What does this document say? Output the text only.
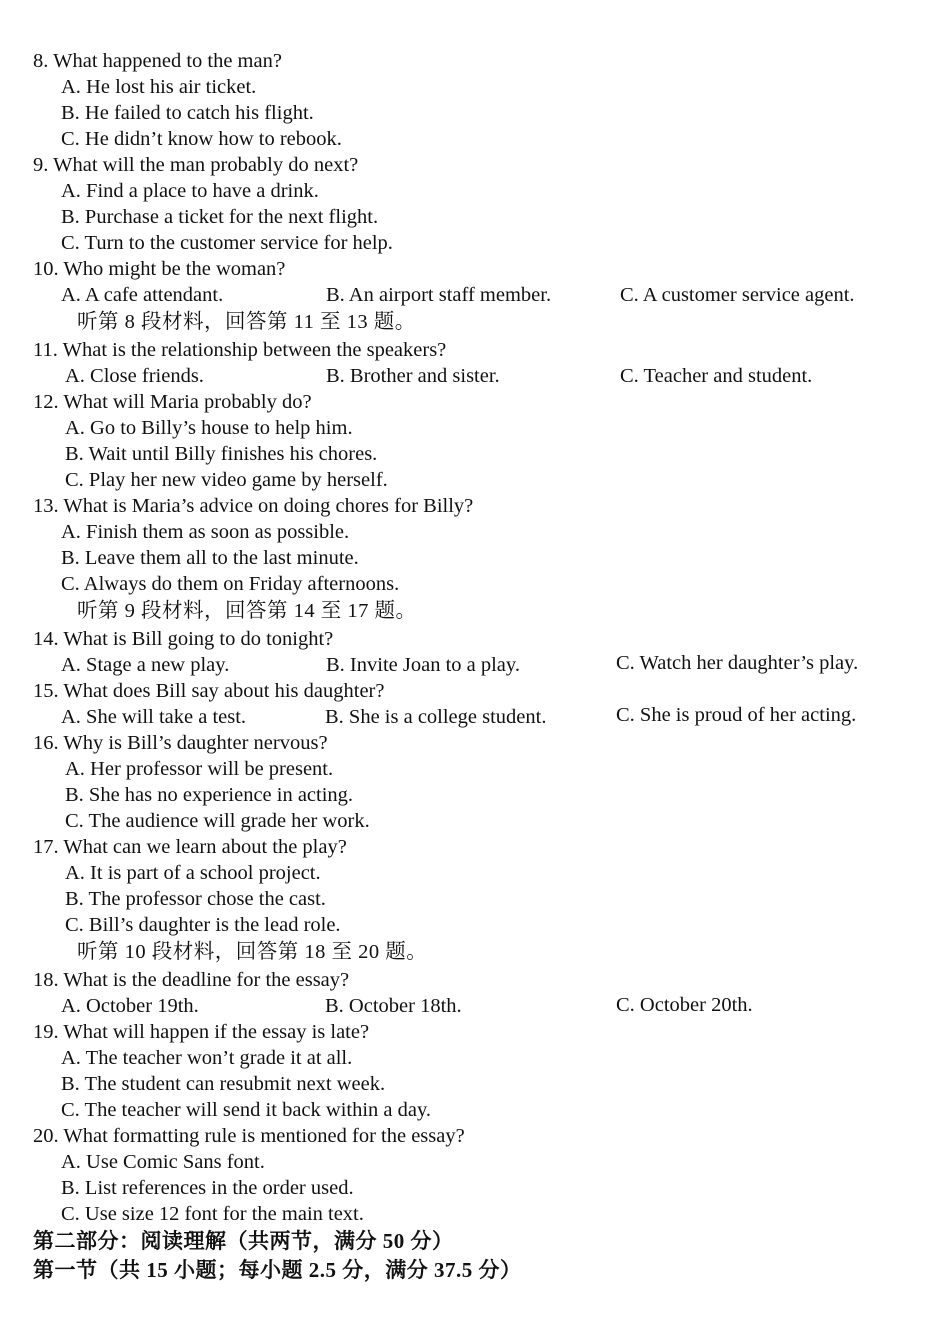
8. What happened to the man?
A. He lost his air ticket.
B. He failed to catch his flight.
C. He didn’t know how to rebook.
9. What will the man probably do next?
A. Find a place to have a drink.
B. Purchase a ticket for the next flight.
C. Turn to the customer service for help.
10. Who might be the woman?
A. A cafe attendant.	B. An airport staff member.	C. A customer service agent.
听第 8 段材料，回答第 11 至 13 题。
11. What is the relationship between the speakers?
A. Close friends.	B. Brother and sister.	C. Teacher and student.
12. What will Maria probably do?
A. Go to Billy’s house to help him.
B. Wait until Billy finishes his chores.
C. Play her new video game by herself.
13. What is Maria’s advice on doing chores for Billy?
A. Finish them as soon as possible.
B. Leave them all to the last minute.
C. Always do them on Friday afternoons.
听第 9 段材料，回答第 14 至 17 题。
14. What is Bill going to do tonight?
A. Stage a new play.	B. Invite Joan to a play.	C. Watch her daughter’s play.
15. What does Bill say about his daughter?
A. She will take a test.	B. She is a college student.	C. She is proud of her acting.
16. Why is Bill’s daughter nervous?
A. Her professor will be present.
B. She has no experience in acting.
C. The audience will grade her work.
17. What can we learn about the play?
A. It is part of a school project.
B. The professor chose the cast.
C. Bill’s daughter is the lead role.
听第 10 段材料，回答第 18 至 20 题。
18. What is the deadline for the essay?
A. October 19th.	B. October 18th.	C. October 20th.
19. What will happen if the essay is late?
A. The teacher won’t grade it at all.
B. The student can resubmit next week.
C. The teacher will send it back within a day.
20. What formatting rule is mentioned for the essay?
A. Use Comic Sans font.
B. List references in the order used.
C. Use size 12 font for the main text.
第二部分：阅读理解（共两节，满分 50 分）
第一节（共 15 小题；每小题 2.5 分，满分 37.5 分）
